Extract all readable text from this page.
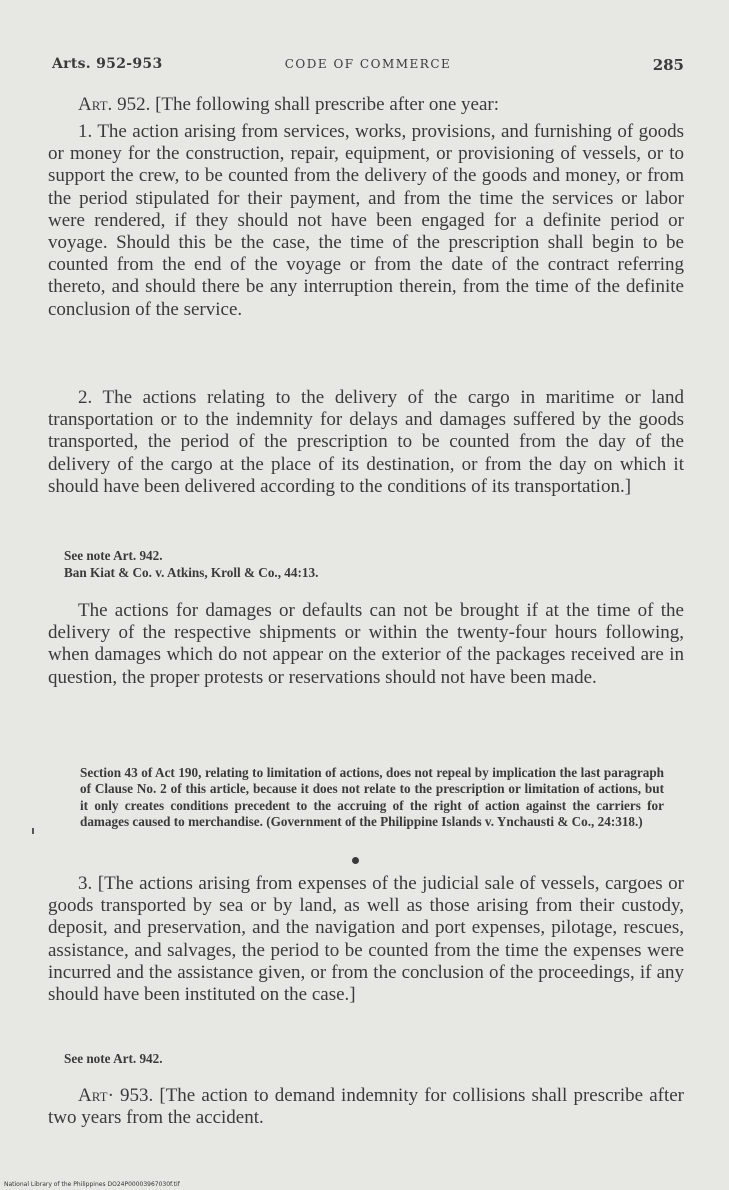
Arts. 952-953	CODE OF COMMERCE	285

Art. 952. [The following shall prescribe after one year:

1. The action arising from services, works, provisions, and furnishing of goods or money for the construction, repair, equipment, or provisioning of vessels, or to support the crew, to be counted from the delivery of the goods and money, or from the period stipulated for their payment, and from the time the services or labor were rendered, if they should not have been engaged for a definite period or voyage. Should this be the case, the time of the prescription shall begin to be counted from the end of the voyage or from the date of the contract referring thereto, and should there be any interruption therein, from the time of the definite conclusion of the service.

2. The actions relating to the delivery of the cargo in maritime or land transportation or to the indemnity for delays and damages suffered by the goods transported, the period of the prescription to be counted from the day of the delivery of the cargo at the place of its destination, or from the day on which it should have been delivered according to the conditions of its transportation.]

See note Art. 942.

Ban Kiat & Co. v. Atkins, Kroll & Co., 44:13.

The actions for damages or defaults can not be brought if at the time of the delivery of the respective shipments or within the twenty-four hours following, when damages which do not appear on the exterior of the packages received are in question, the proper protests or reservations should not have been made.

Section 43 of Act 190, relating to limitation of actions, does not repeal by implication the last paragraph of Clause No. 2 of this article, because it does not relate to the prescription or limitation of actions, but it only creates conditions precedent to the accruing of the right of action against the carriers for damages caused to merchandise. (Government of the Philippine Islands v. Ynchausti & Co., 24:318.)

3. [The actions arising from expenses of the judicial sale of vessels, cargoes or goods transported by sea or by land, as well as those arising from their custody, deposit, and preservation, and the navigation and port expenses, pilotage, rescues, assistance, and salvages, the period to be counted from the time the expenses were incurred and the assistance given, or from the conclusion of the proceedings, if any should have been instituted on the case.]

See note Art. 942.

Art· 953. [The action to demand indemnity for collisions shall prescribe after two years from the accident.

National Library of the Philippines DO24P00003967030f.tif
